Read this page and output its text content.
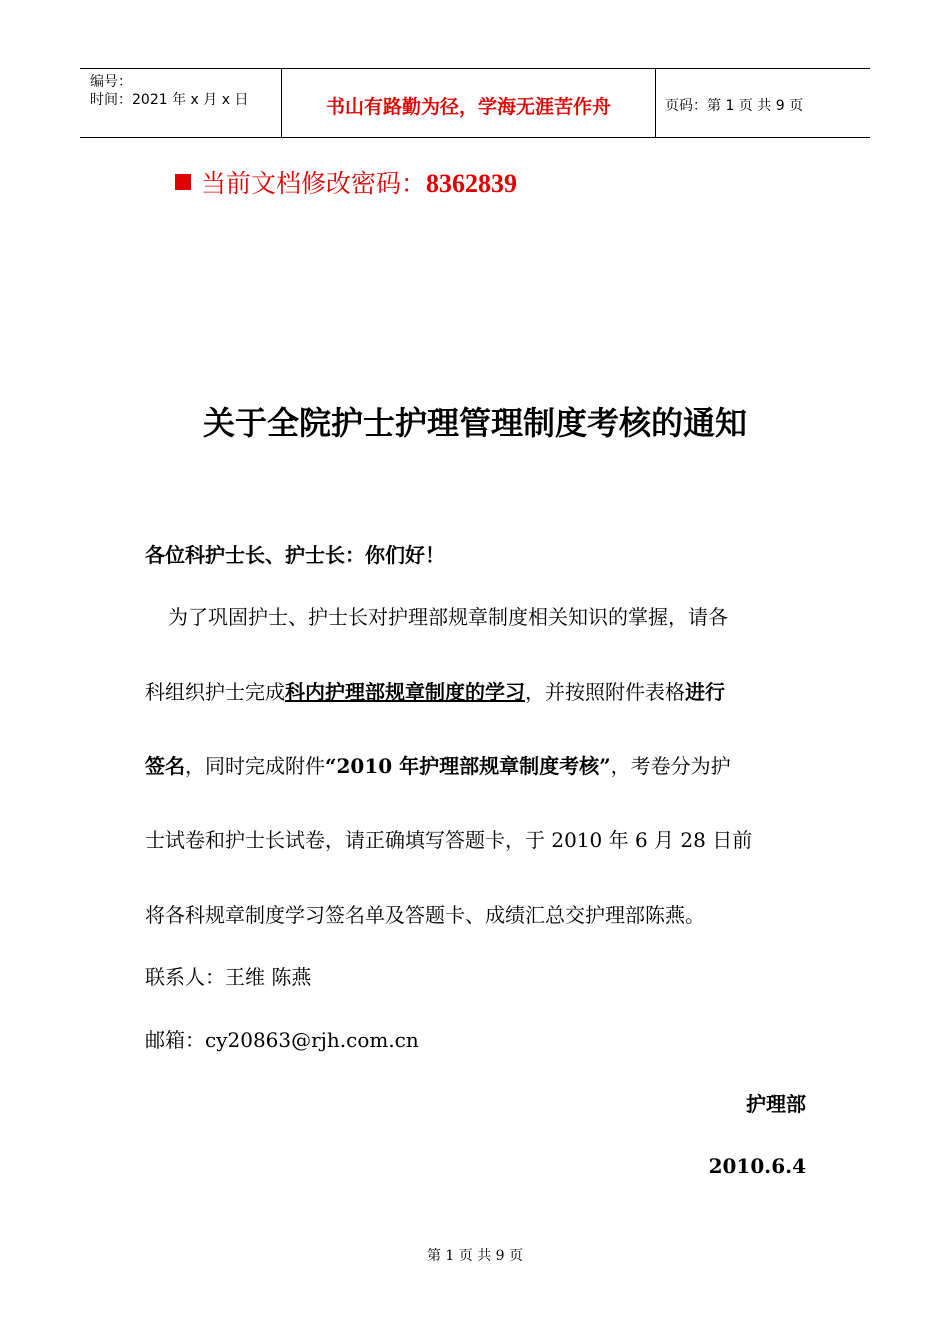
编号：
时间：2021 年 x 月 x 日	书山有路勤为径，学海无涯苦作舟	页码：第 1 页 共 9 页
当前文档修改密码：8362839
关于全院护士护理管理制度考核的通知
各位科护士长、护士长：你们好！
为了巩固护士、护士长对护理部规章制度相关知识的掌握，请各
科组织护士完成科内护理部规章制度的学习，并按照附件表格进行
签名，同时完成附件“2010 年护理部规章制度考核”，考卷分为护
士试卷和护士长试卷，请正确填写答题卡，于 2010 年 6 月 28 日前
将各科规章制度学习签名单及答题卡、成绩汇总交护理部陈燕。
联系人：王维 陈燕
邮箱：cy20863@rjh.com.cn
护理部
2010.6.4
第 1 页 共 9 页
